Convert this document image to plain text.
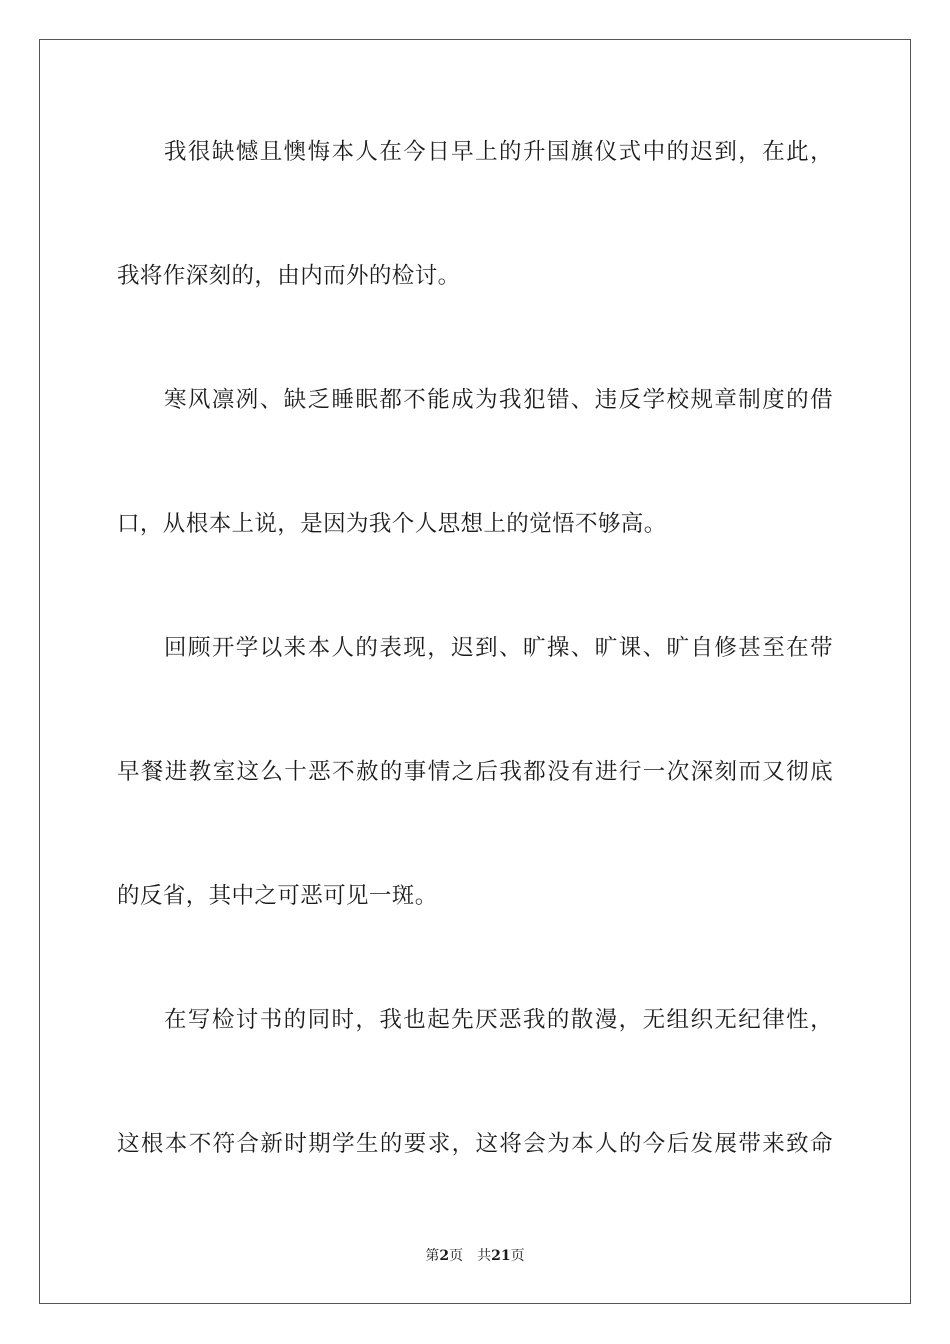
我很缺憾且懊悔本人在今日早上的升国旗仪式中的迟到，在此，
我将作深刻的，由内而外的检讨。
寒风凛冽、缺乏睡眠都不能成为我犯错、违反学校规章制度的借
口，从根本上说，是因为我个人思想上的觉悟不够高。
回顾开学以来本人的表现，迟到、旷操、旷课、旷自修甚至在带
早餐进教室这么十恶不赦的事情之后我都没有进行一次深刻而又彻底
的反省，其中之可恶可见一斑。
在写检讨书的同时，我也起先厌恶我的散漫，无组织无纪律性，
这根本不符合新时期学生的要求，这将会为本人的今后发展带来致命
第2页 共21页
